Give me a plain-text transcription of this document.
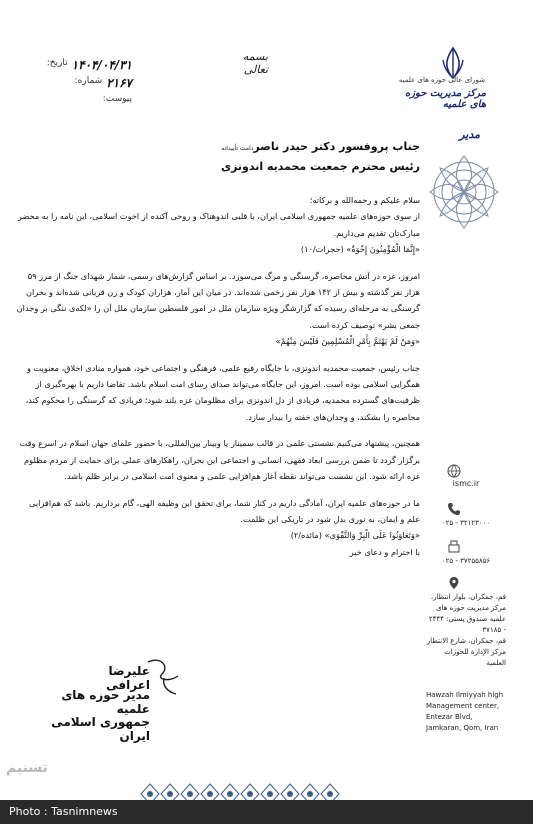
شورای عالی حوزه های علمیه
مرکز مدیریت حوزه های علمیه
بسمه تعالی
تاریخ: ۱۴۰۴/۰۴/۳۱
شماره: ۲۱۶۷
پیوست:
مدیر
جناب پروفسور دکتر حیدر ناصردامت تأییداته
رئیس محترم جمعیت محمدیه اندونزی

سلام علیکم و رحمه‌الله و برکاته؛

از سوی حوزه‌های علمیه جمهوری اسلامی ایران، با قلبی اندوهناک و روحی آکنده از اخوت اسلامی، این نامه را به محضر مبارک‌تان تقدیم می‌داریم.

«إِنَّمَا الْمُؤْمِنُونَ إِخْوَةٌ» (حجرات/۱۰)

امروز، غزه در آتش محاصره، گرسنگی و مرگ می‌سوزد. بر اساس گزارش‌های رسمی، شمار شهدای جنگ از مرز ۵۹ هزار نفر گذشته و بیش از ۱۴۲ هزار نفر زخمی شده‌اند. در میان این آمار، هزاران کودک و زن قربانی شده‌اند و بحران گرسنگی به مرحله‌ای رسیده که گزارشگر ویژه سازمان ملل در امور فلسطین سازمان ملل آن را «لکه‌ی ننگی بر وجدان جمعی بشر» توصیف کرده است.

«وَمَنْ لَمْ يَهْتَمَّ بِأَمْرِ الْمُسْلِمِينَ فَلَيْسَ مِنْهُمْ»

جناب رئیس، جمعیت محمدیه اندونزی، با جایگاه رفیع علمی، فرهنگی و اجتماعی خود، همواره منادی اخلاق، معنویت و همگرایی اسلامی بوده است. امروز، این جایگاه می‌تواند صدای رسای امت اسلام باشد. تقاضا داریم با بهره‌گیری از ظرفیت‌های گسترده محمدیه، فریادی از دل اندونزی برای مظلومان غزه بلند شود؛ فریادی که گرسنگی را محکوم کند، محاصره را بشکند، و وجدان‌های خفته را بیدار سازد.

همچنین، پیشنهاد می‌کنیم نشستی علمی در قالب سمینار یا وبینار بین‌المللی، با حضور علمای جهان اسلام در اسرع وقت برگزار گردد تا ضمن بررسی ابعاد فقهی، انسانی و اجتماعی این بحران، راهکارهای عملی برای حمایت از مردم مظلوم غزه ارائه شود. این نشست می‌تواند نقطه آغاز هم‌افزایی علمی و معنوی امت اسلامی در برابر ظلم باشد.

ما در حوزه‌های علمیه ایران، آمادگی داریم در کنار شما، برای تحقق این وظیفه الهی، گام برداریم. باشد که هم‌افزایی علم و ایمان، به نوری بدل شود در تاریکی این ظلمت.

«وَتَعَاوَنُوا عَلَى الْبِرِّ وَالتَّقْوَى» (مائده/۲)

با احترام و دعای خیر

علیرضا اعرافی
مدیر حوزه های علمیه
جمهوری اسلامی ایران
ismc.ir
۰۲۵ - ۳۲۱۲۳۰۰۰
۰۲۵ - ۳۷۲۵۵۸۵۶
قم، جمکران، بلوار انتظار، مرکز مدیریت حوزه های علمیه صندوق پستی: ۲۴۴۴ - ۳۷۱۸۵
قم، جمكران، شارع الانتظار مركز الإدارة للحوزات العلمية
Hawzah Ilmiyyah high Management center, Entezar Blvd, Jamkaran, Qom, Iran
تسنیم
Photo : Tasnimnews
